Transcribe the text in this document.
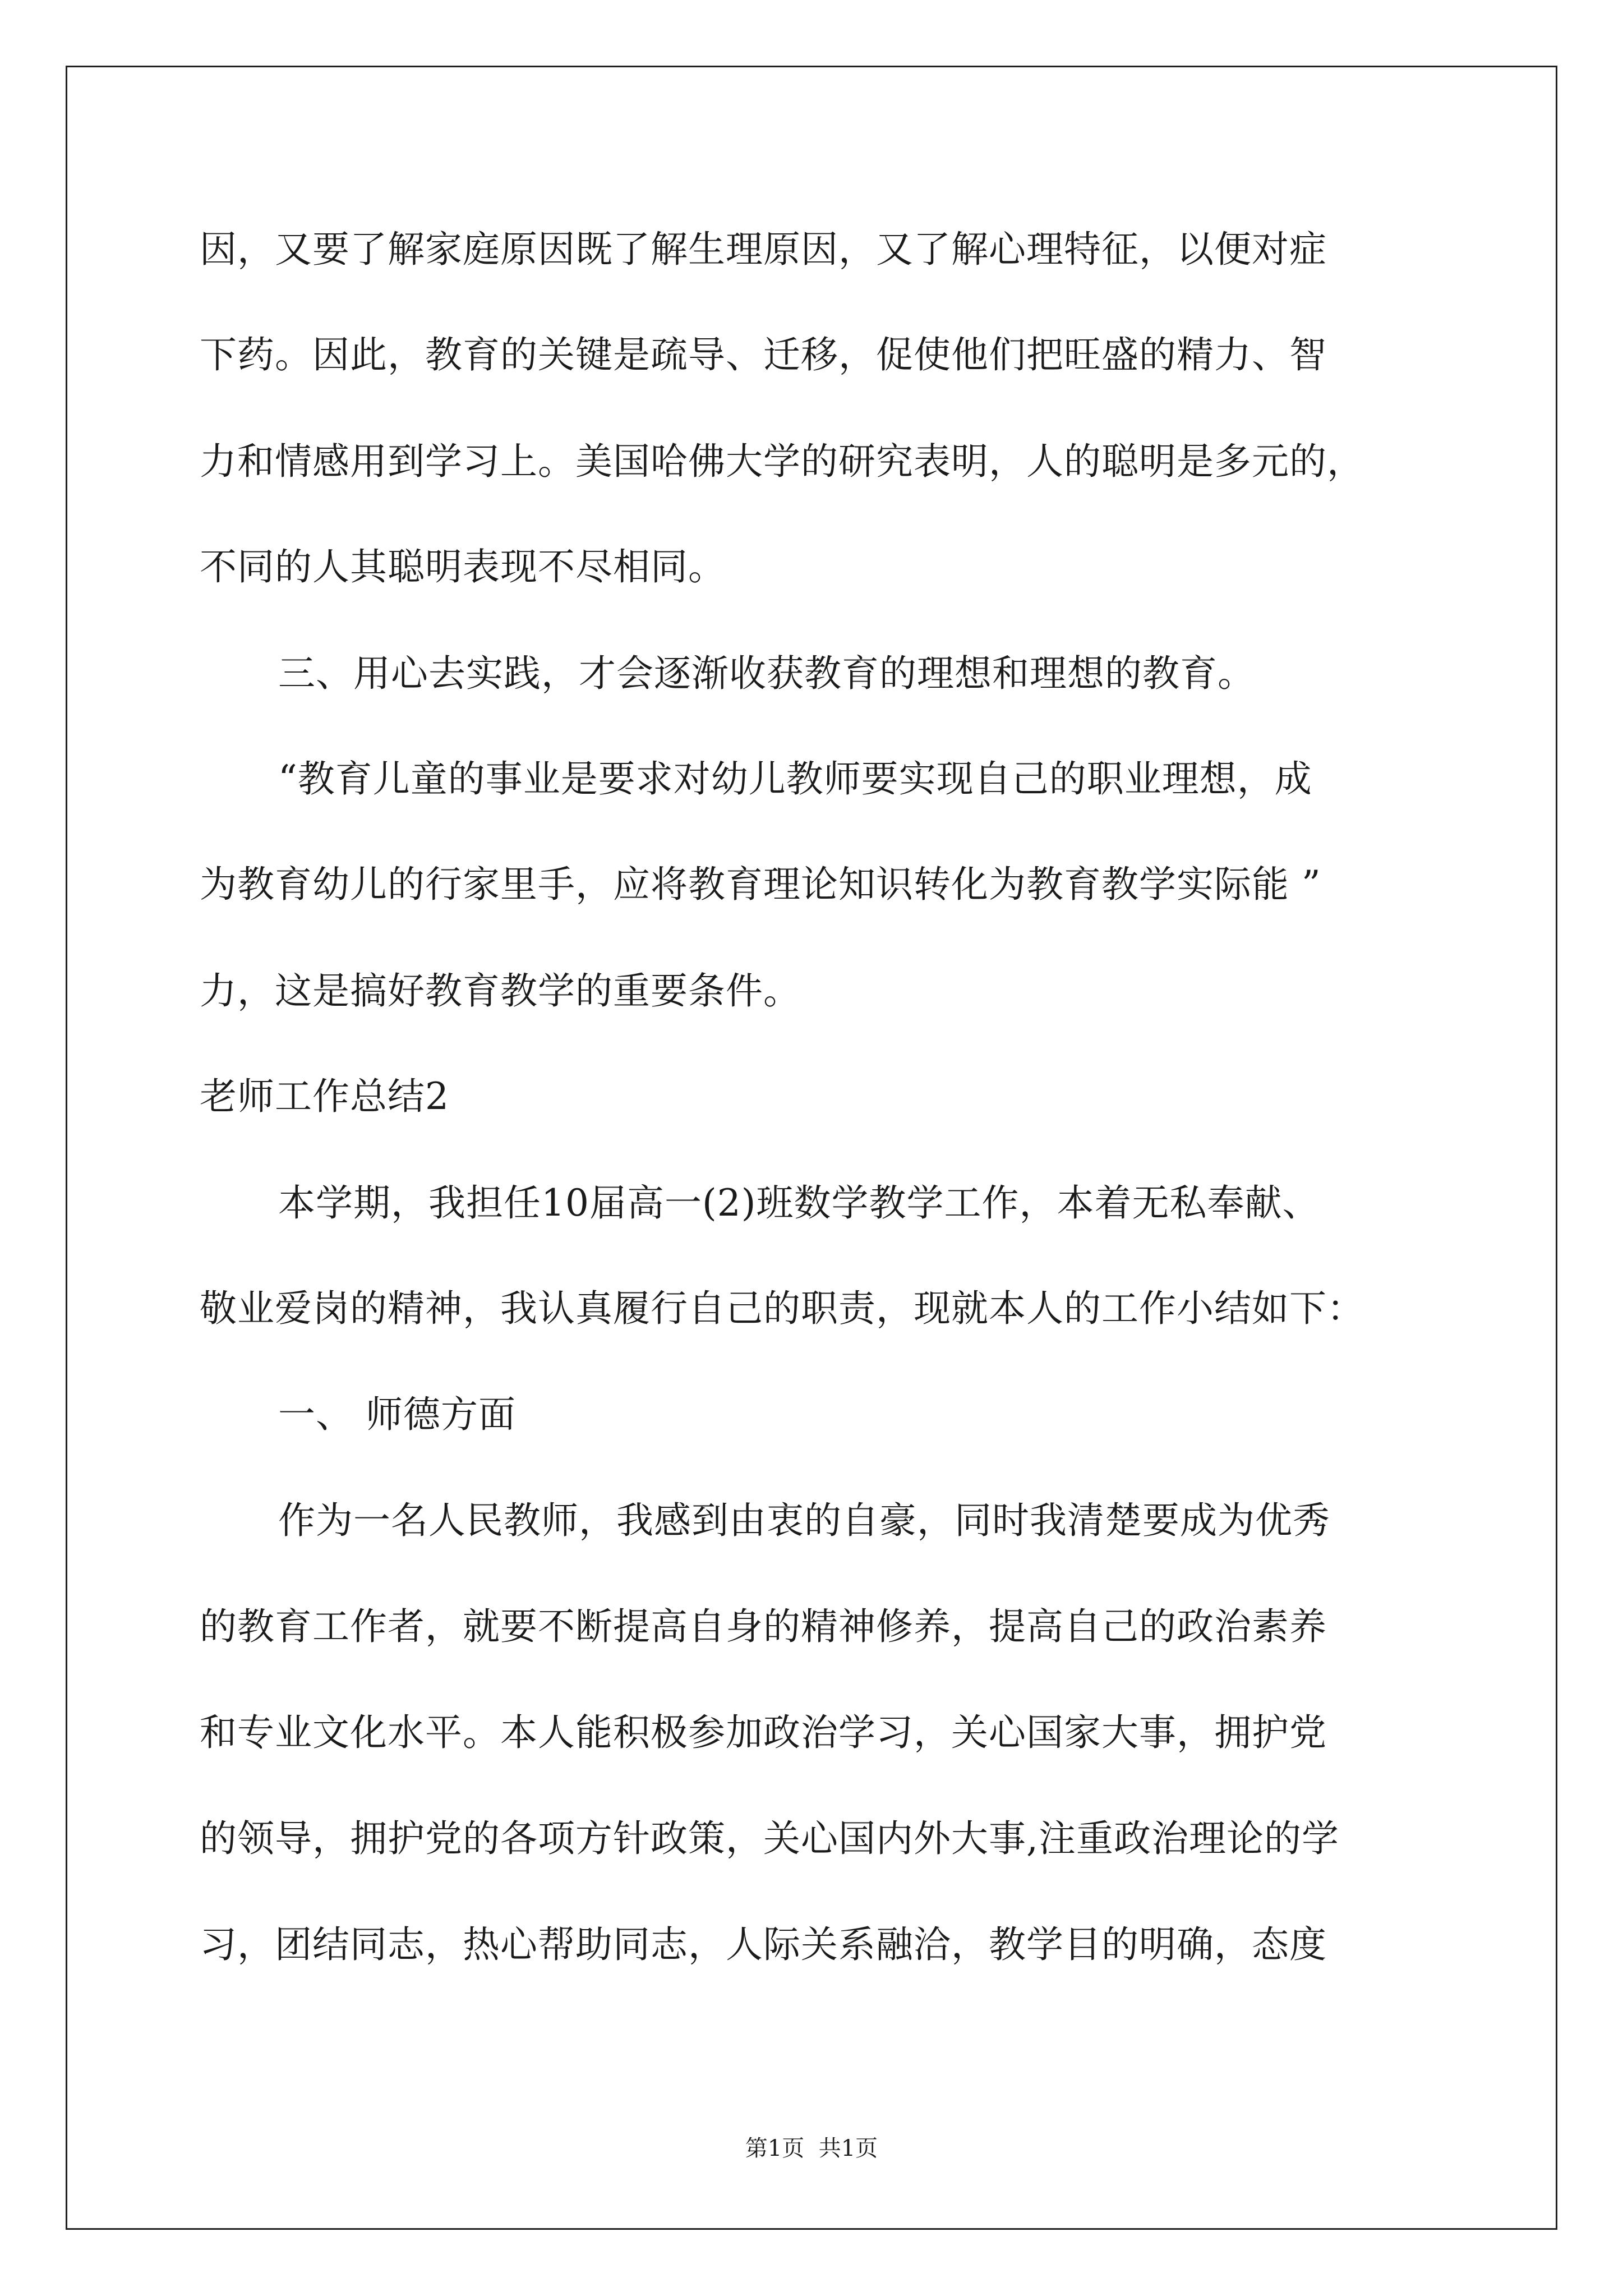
因，又要了解家庭原因既了解生理原因，又了解心理特征，以便对症
下药。因此，教育的关键是疏导、迁移，促使他们把旺盛的精力、智
力和情感用到学习上。美国哈佛大学的研究表明，人的聪明是多元的，
不同的人其聪明表现不尽相同。
三、用心去实践，才会逐渐收获教育的理想和理想的教育。
“教育儿童的事业是要求对幼儿教师要实现自己的职业理想，成
为教育幼儿的行家里手，应将教育理论知识转化为教育教学实际能 ”
力，这是搞好教育教学的重要条件。
老师工作总结2
本学期，我担任10届高一(2)班数学教学工作，本着无私奉献、
敬业爱岗的精神，我认真履行自己的职责，现就本人的工作小结如下：
一、 师德方面
作为一名人民教师，我感到由衷的自豪，同时我清楚要成为优秀
的教育工作者，就要不断提高自身的精神修养，提高自己的政治素养
和专业文化水平。本人能积极参加政治学习，关心国家大事，拥护党
的领导，拥护党的各项方针政策，关心国内外大事,注重政治理论的学
习，团结同志，热心帮助同志，人际关系融洽，教学目的明确，态度
第1页  共1页
